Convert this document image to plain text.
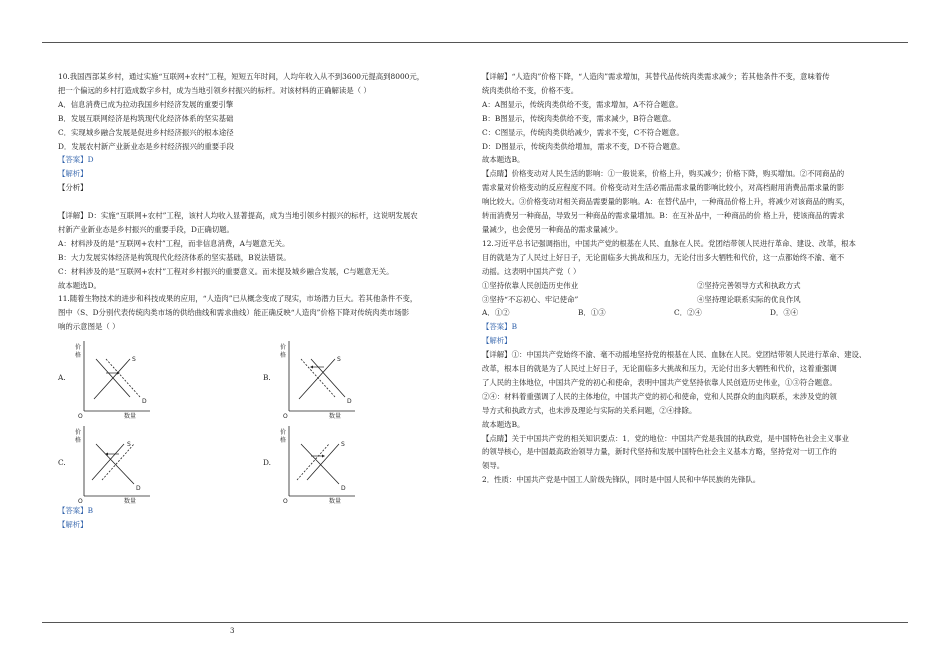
10.我国西部某乡村，通过实施“互联网+农村”工程，短短五年时间，人均年收入从不到3600元提高到8000元，
把一个偏远的乡村打造成数字乡村，成为当地引领乡村振兴的标杆。对该材料的正确解读是（ ）
A．信息消费已成为拉动我国乡村经济发展的重要引擎
B．发展互联网经济是构筑现代化经济体系的坚实基础
C．实现城乡融合发展是促进乡村经济振兴的根本途径
D．发展农村新产业新业态是乡村经济振兴的重要手段
【答案】D
【解析】
【分析】
【详解】D：实施“互联网+农村”工程，该村人均收入显著提高，成为当地引领乡村振兴的标杆，这说明发展农
村新产业新业态是乡村振兴的重要手段，D正确切题。
A：材料涉及的是“互联网+农村”工程，而非信息消费，A与题意无关。
B：大力发展实体经济是构筑现代化经济体系的坚实基础，B说法错误。
C：材料涉及的是“互联网+农村”工程对乡村振兴的重要意义。而未提及城乡融合发展，C与题意无关。
故本题选D。
11.随着生物技术的进步和科技成果的应用，“人造肉”已从概念变成了现实，市场潜力巨大。若其他条件不变，
图中（S、D分别代表传统肉类市场的供给曲线和需求曲线）能正确反映“人造肉”价格下降对传统肉类市场影
响的示意图是（ ）
A.
价
格
O	数量
S
D
B.
价
格
O	数量
S
D
C.
价
格
O	数量
S
D
D.
价
格
O	数量
S
D
【答案】B
【解析】
【详解】“人造肉”价格下降，“人造肉”需求增加，其替代品传统肉类需求减少；若其他条件不变，意味着传
统肉类供给不变，价格不变。
A：A图显示，传统肉类供给不变，需求增加，A不符合题意。
B：B图显示，传统肉类供给不变，需求减少，B符合题意。
C：C图显示，传统肉类供给减少，需求不变，C不符合题意。
D：D图显示，传统肉类供给增加，需求不变，D不符合题意。
故本题选B。
【点睛】价格变动对人民生活的影响：①一般说来，价格上升，购买减少；价格下降，购买增加。②不同商品的
需求量对价格变动的反应程度不同。价格变动对生活必需品需求量的影响比较小，对高档耐用消费品需求量的影
响比较大。③价格变动对相关商品需要量的影响。A：在替代品中，一种商品价格上升，将减少对该商品的购买，
转而消费另一种商品，导致另一种商品的需求量增加。B：在互补品中，一种商品的价 格上升，使该商品的需求
量减少，也会使另一种商品的需求量减少。
12.习近平总书记强调指出，中国共产党的根基在人民、血脉在人民。党团结带领人民进行革命、建设、改革，根本
目的就是为了人民过上好日子，无论面临多大挑战和压力，无论付出多大牺牲和代价，这一点都始终不渝、毫不
动摇。这表明中国共产党（ ）
①坚持依靠人民创造历史伟业	②坚持完善领导方式和执政方式
③坚持“不忘初心、牢记使命”	④坚持理论联系实际的优良作风
A．①②	B．①③	C．②④	D．③④
【答案】B
【解析】
【详解】①：中国共产党始终不渝、毫不动摇地坚持党的根基在人民、血脉在人民。党团结带领人民进行革命、建设、
改革，根本目的就是为了人民过上好日子，无论面临多大挑战和压力，无论付出多大牺牲和代价，这着重强调
了人民的主体地位，中国共产党的初心和使命，表明中国共产党坚持依靠人民创造历史伟业，①③符合题意。
②④：材料着重强调了人民的主体地位，中国共产党的初心和使命，党和人民群众的血肉联系，未涉及党的领
导方式和执政方式，也未涉及理论与实际的关系问题，②④排除。
故本题选B。
【点睛】关于中国共产党的相关知识要点：1．党的地位：中国共产党是我国的执政党，是中国特色社会主义事业
的领导核心，是中国最高政治领导力量，新时代坚持和发展中国特色社会主义基本方略，坚持党对一切工作的
领导。
2．性质：中国共产党是中国工人阶级先锋队，同时是中国人民和中华民族的先锋队。
3
